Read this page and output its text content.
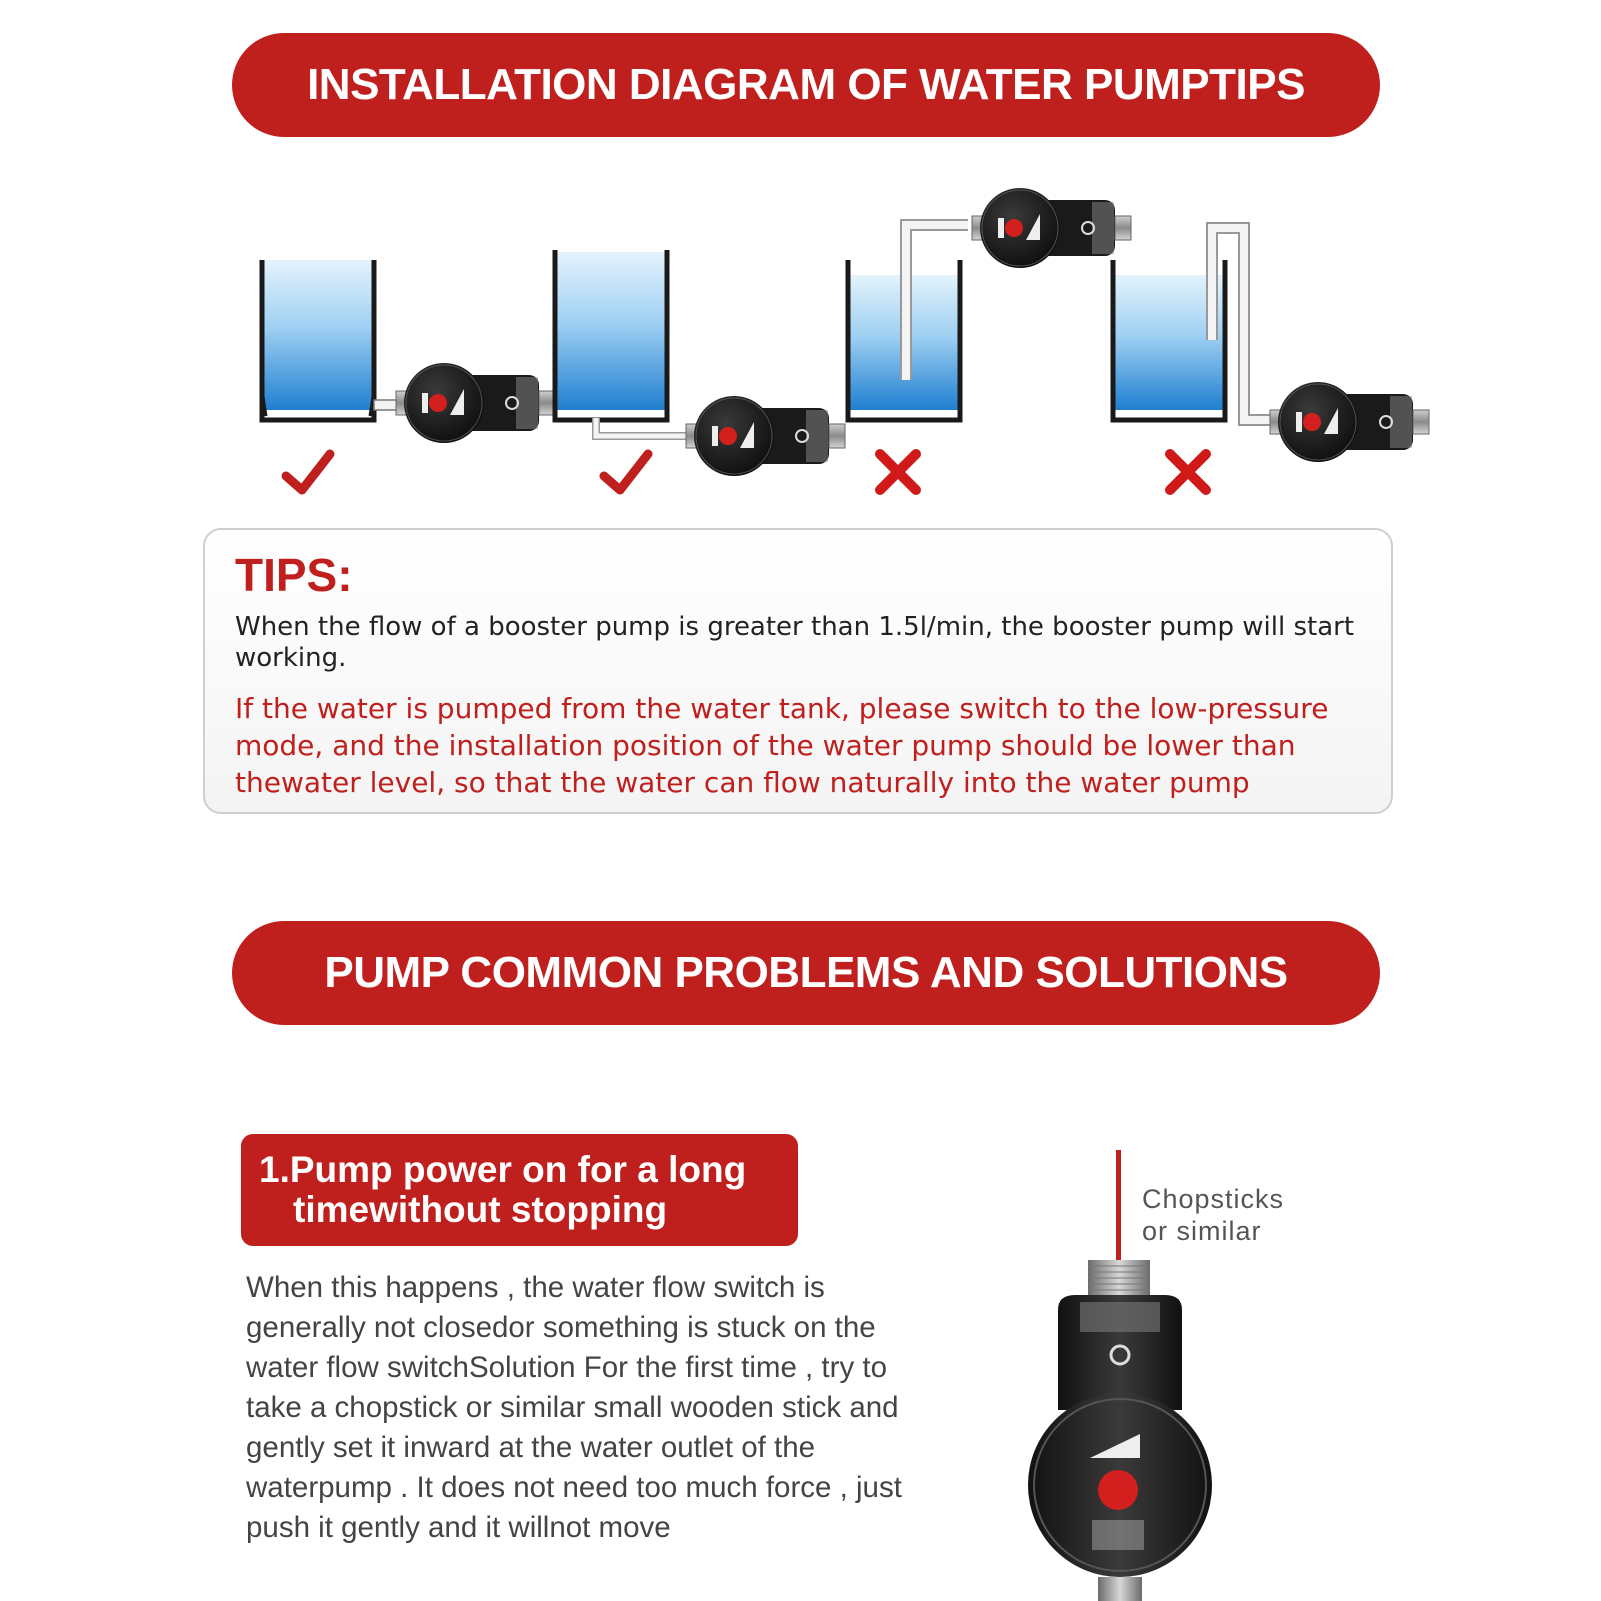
INSTALLATION DIAGRAM OF WATER PUMPTIPS
TIPS:
When the flow of a booster pump is greater than 1.5l/min, the booster pump will start working.
If the water is pumped from the water tank, please switch to the low-pressure mode, and the installation position of the water pump should be lower than thewater level, so that the water can flow naturally into the water pump
PUMP COMMON PROBLEMS AND SOLUTIONS
1.Pump power on for a long
timewithout stopping
When this happens , the water flow switch is generally not closedor something is stuck on the water flow switchSolution For the first time , try to take a chopstick or similar small wooden stick and gently set it inward at the water outlet of the waterpump . It does not need too much force , just push it gently and it willnot move
Chopsticks
or similar
